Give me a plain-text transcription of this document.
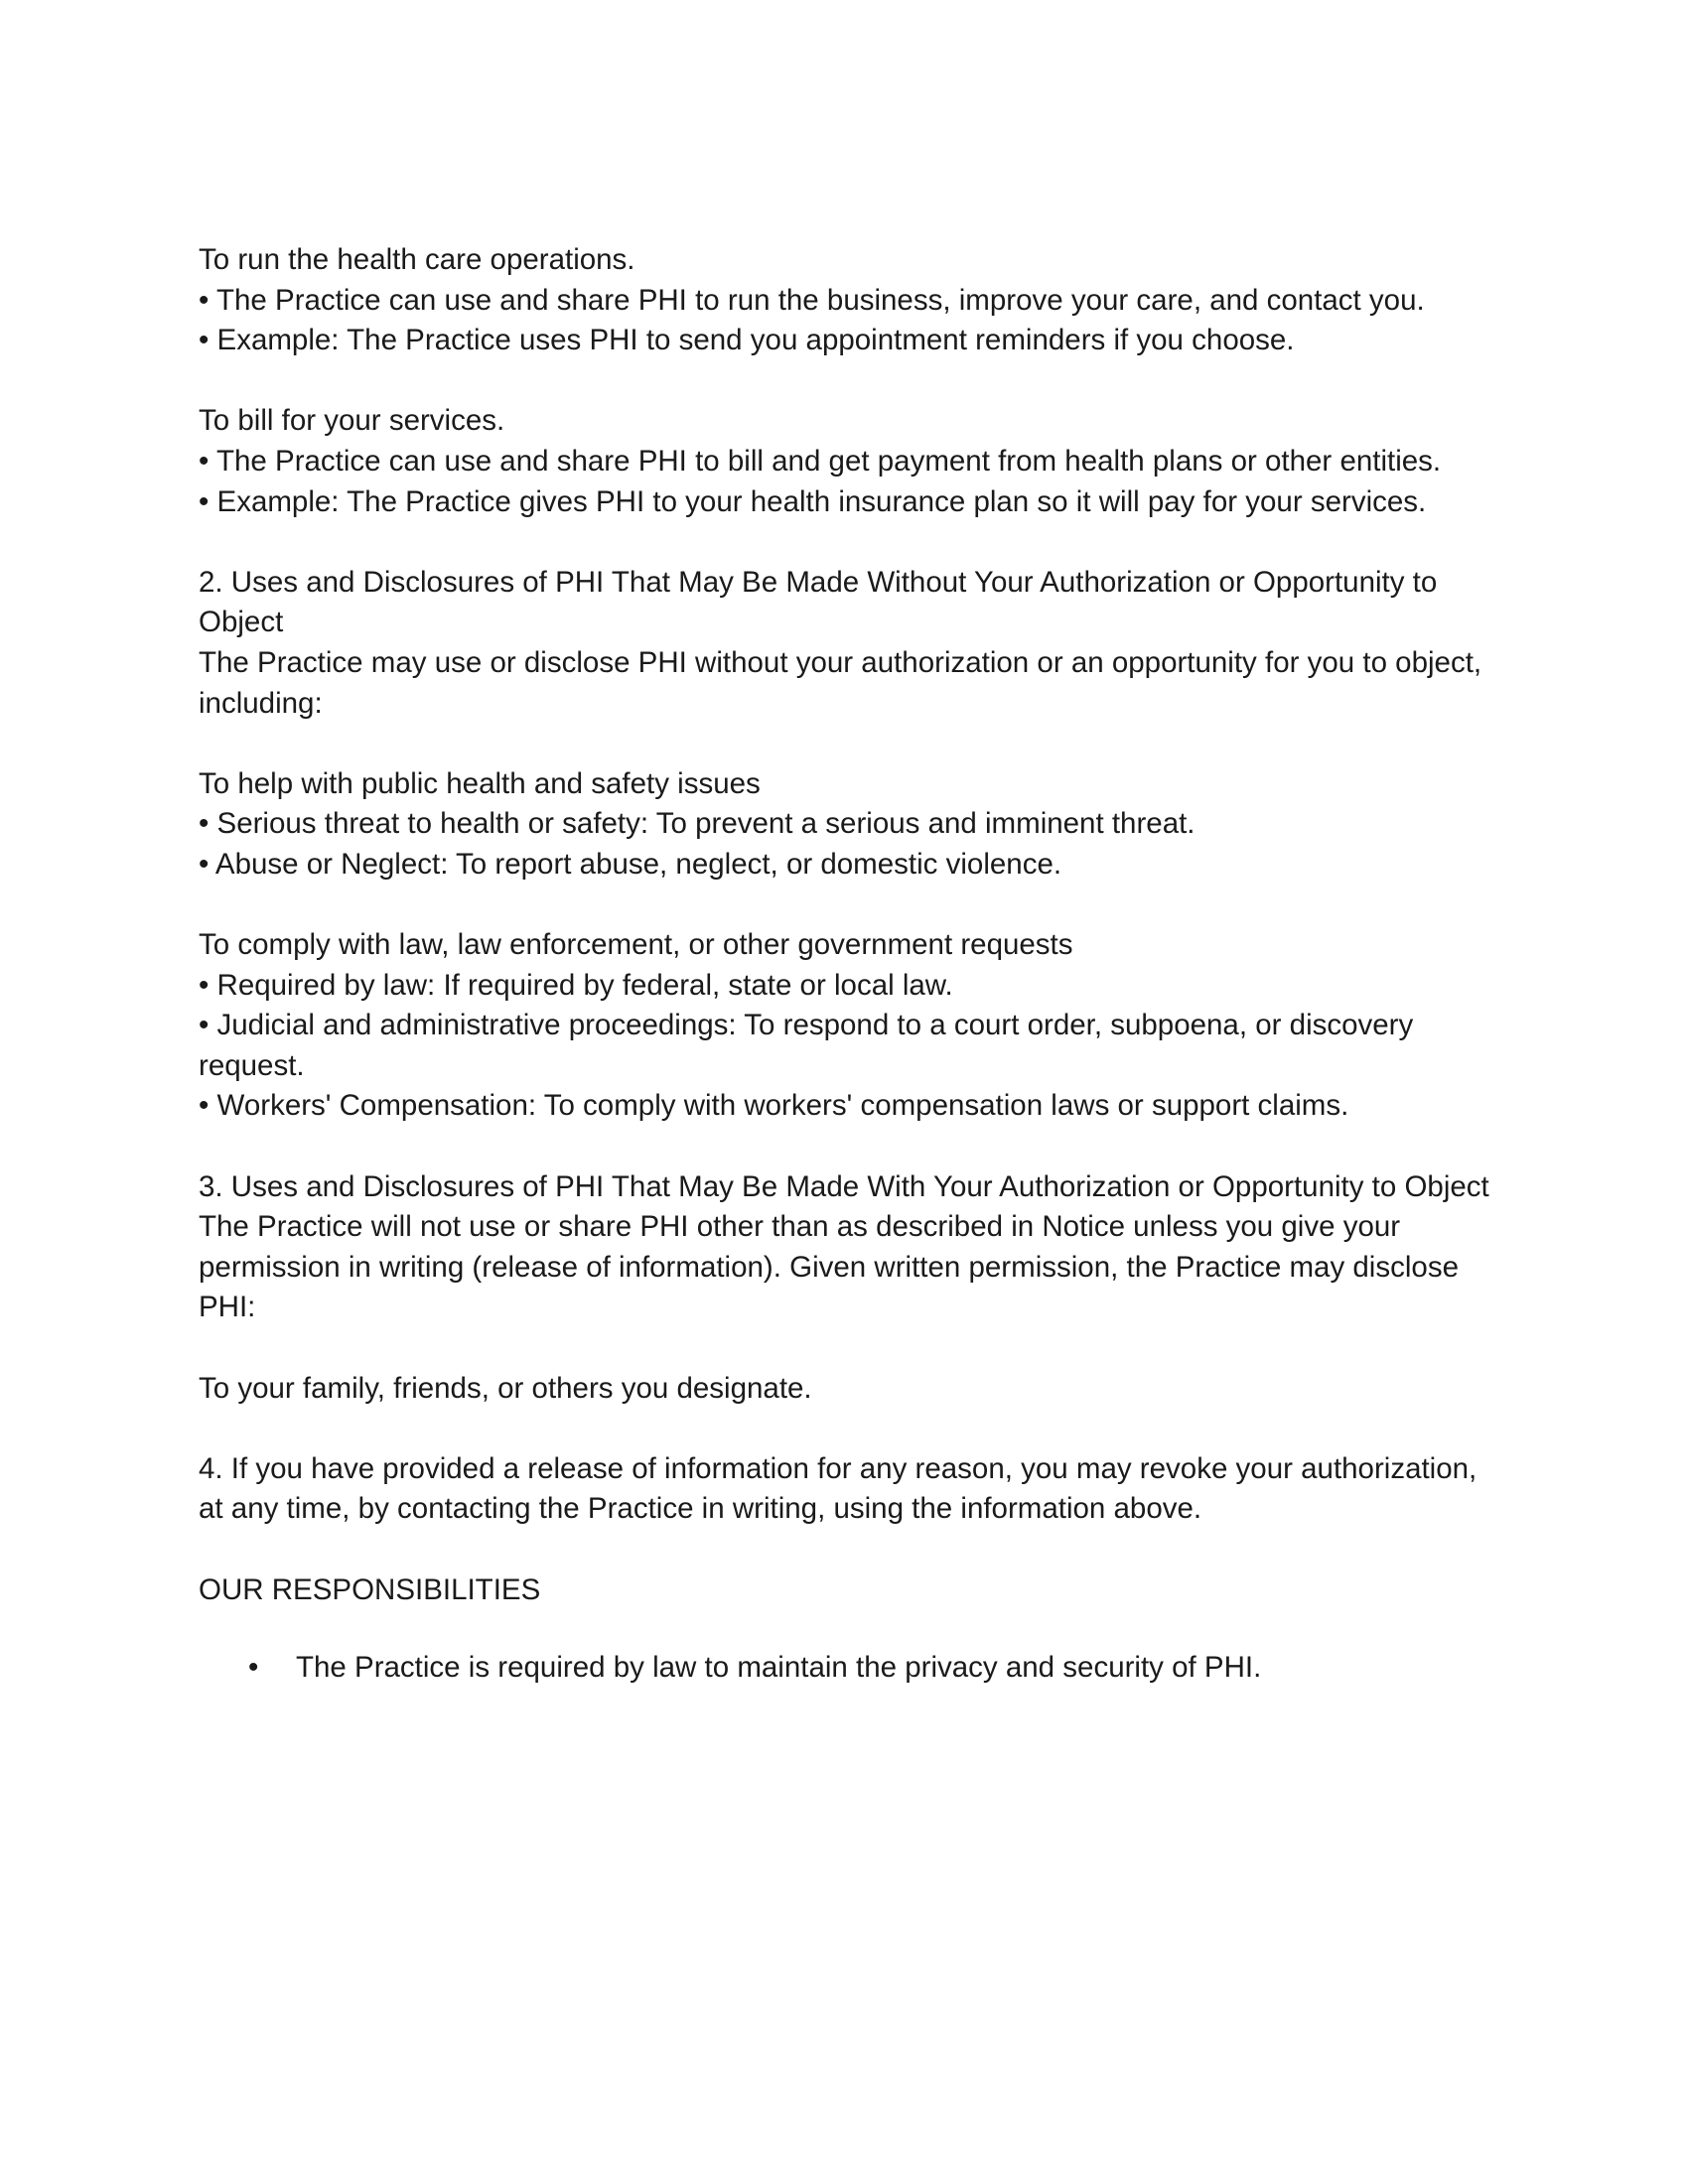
To run the health care operations.

• The Practice can use and share PHI to run the business, improve your care, and contact you.

• Example: The Practice uses PHI to send you appointment reminders if you choose.

To bill for your services.

• The Practice can use and share PHI to bill and get payment from health plans or other entities.

• Example: The Practice gives PHI to your health insurance plan so it will pay for your services.

2. Uses and Disclosures of PHI That May Be Made Without Your Authorization or Opportunity to Object

The Practice may use or disclose PHI without your authorization or an opportunity for you to object, including:

To help with public health and safety issues

• Serious threat to health or safety: To prevent a serious and imminent threat.

• Abuse or Neglect: To report abuse, neglect, or domestic violence.

To comply with law, law enforcement, or other government requests

• Required by law: If required by federal, state or local law.

• Judicial and administrative proceedings: To respond to a court order, subpoena, or discovery request.

• Workers' Compensation: To comply with workers' compensation laws or support claims.

3. Uses and Disclosures of PHI That May Be Made With Your Authorization or Opportunity to Object

The Practice will not use or share PHI other than as described in Notice unless you give your permission in writing (release of information). Given written permission, the Practice may disclose PHI:

To your family, friends, or others you designate.

4. If you have provided a release of information for any reason, you may revoke your authorization, at any time, by contacting the Practice in writing, using the information above.

OUR RESPONSIBILITIES

• The Practice is required by law to maintain the privacy and security of PHI.
